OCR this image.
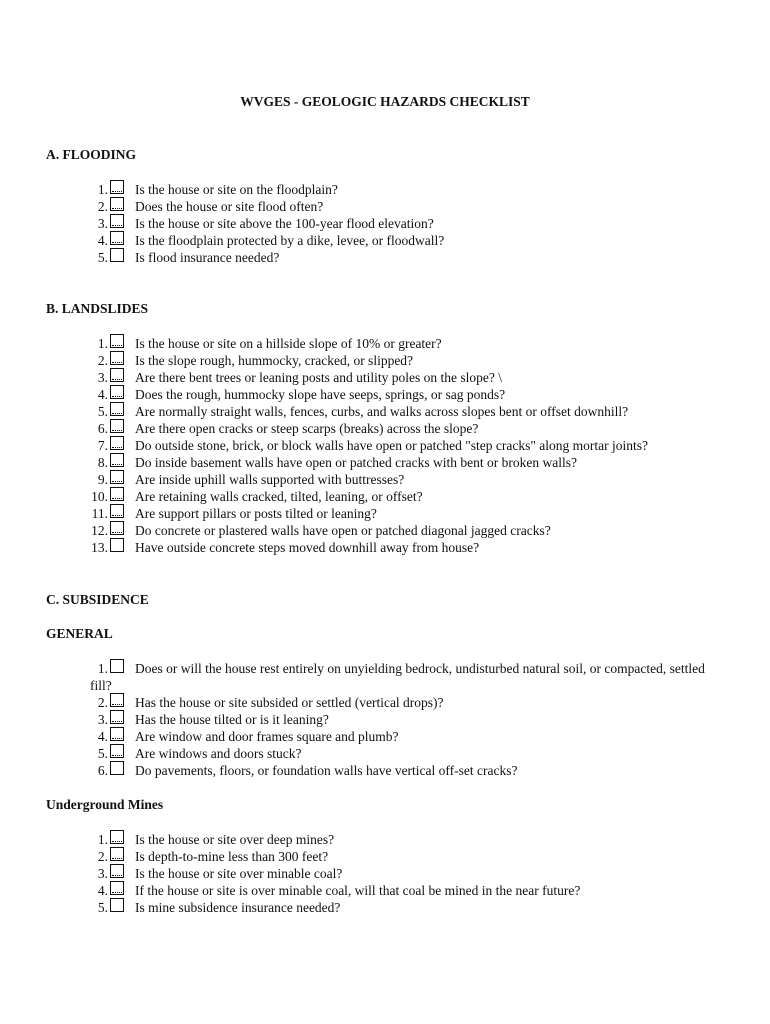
WVGES - GEOLOGIC HAZARDS CHECKLIST
A. FLOODING
1. Is the house or site on the floodplain?
2. Does the house or site flood often?
3. Is the house or site above the 100-year flood elevation?
4. Is the floodplain protected by a dike, levee, or floodwall?
5. Is flood insurance needed?
B. LANDSLIDES
1. Is the house or site on a hillside slope of 10% or greater?
2. Is the slope rough, hummocky, cracked, or slipped?
3. Are there bent trees or leaning posts and utility poles on the slope? \
4. Does the rough, hummocky slope have seeps, springs, or sag ponds?
5. Are normally straight walls, fences, curbs, and walks across slopes bent or offset downhill?
6. Are there open cracks or steep scarps (breaks) across the slope?
7. Do outside stone, brick, or block walls have open or patched "step cracks" along mortar joints?
8. Do inside basement walls have open or patched cracks with bent or broken walls?
9. Are inside uphill walls supported with buttresses?
10. Are retaining walls cracked, tilted, leaning, or offset?
11. Are support pillars or posts tilted or leaning?
12. Do concrete or plastered walls have open or patched diagonal jagged cracks?
13. Have outside concrete steps moved downhill away from house?
C. SUBSIDENCE
GENERAL
1. Does or will the house rest entirely on unyielding bedrock, undisturbed natural soil, or compacted, settled
fill?
2. Has the house or site subsided or settled (vertical drops)?
3. Has the house tilted or is it leaning?
4. Are window and door frames square and plumb?
5. Are windows and doors stuck?
6. Do pavements, floors, or foundation walls have vertical off-set cracks?
Underground Mines
1. Is the house or site over deep mines?
2. Is depth-to-mine less than 300 feet?
3. Is the house or site over minable coal?
4. If the house or site is over minable coal, will that coal be mined in the near future?
5. Is mine subsidence insurance needed?
